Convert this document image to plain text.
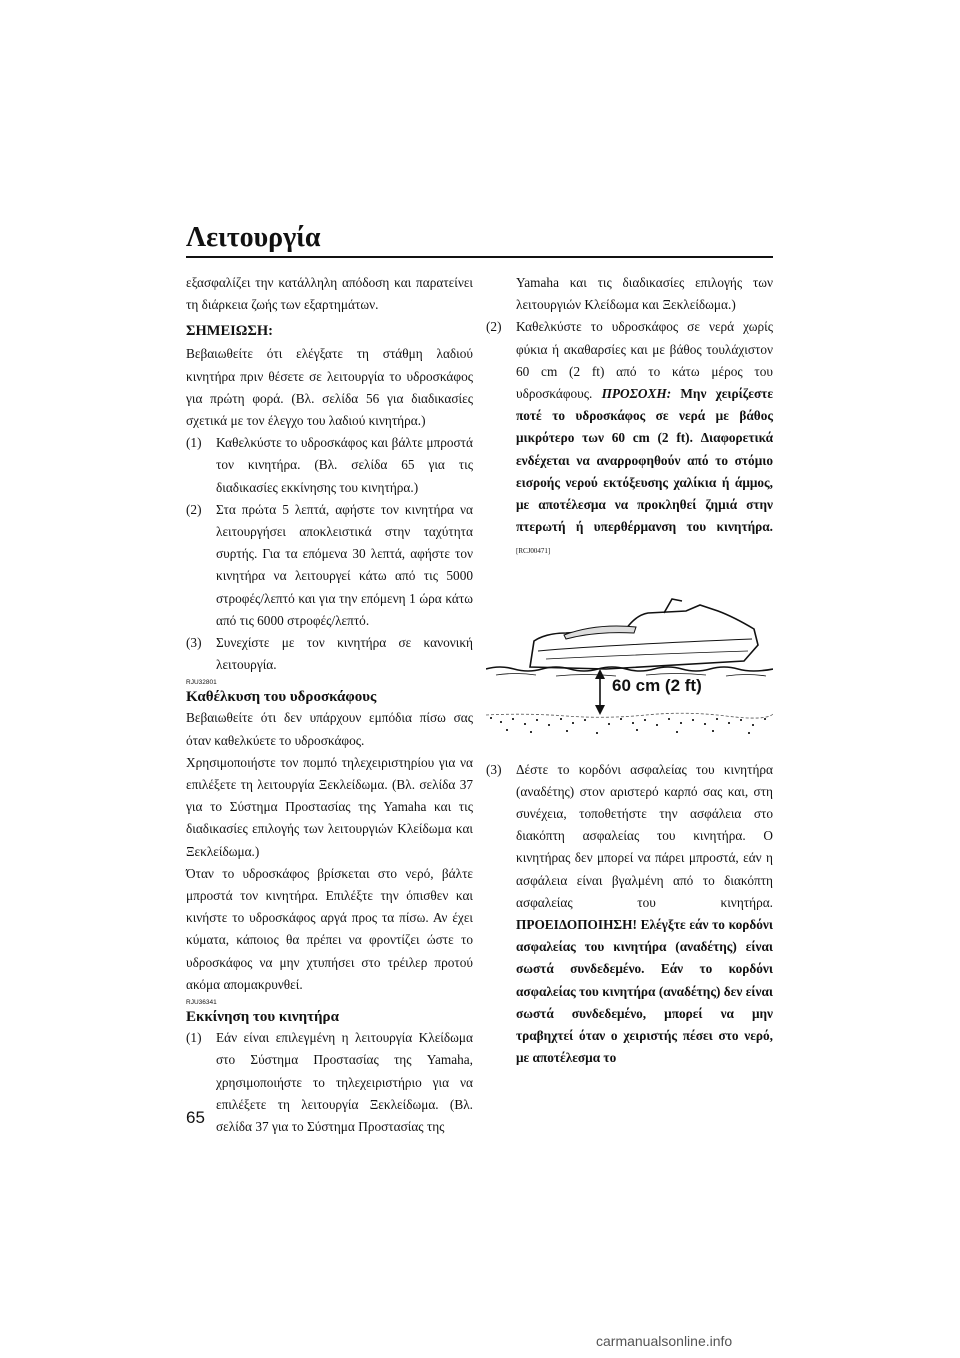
Λειτουργία

εξασφαλίζει την κατάλληλη απόδοση και παρατείνει τη διάρκεια ζωής των εξαρτημάτων.

ΣΗΜΕΙΩΣΗ:

Βεβαιωθείτε ότι ελέγξατε τη στάθμη λαδιού κινητήρα πριν θέσετε σε λειτουργία το υδροσκάφος για πρώτη φορά. (Βλ. σελίδα 56 για διαδικασίες σχετικά με τον έλεγχο του λαδιού κινητήρα.)

(1) Καθελκύστε το υδροσκάφος και βάλτε μπροστά τον κινητήρα. (Βλ. σελίδα 65 για τις διαδικασίες εκκίνησης του κινητήρα.)
(2) Στα πρώτα 5 λεπτά, αφήστε τον κινητήρα να λειτουργήσει αποκλειστικά στην ταχύτητα συρτής. Για τα επόμενα 30 λεπτά, αφήστε τον κινητήρα να λειτουργεί κάτω από τις 5000 στροφές/λεπτό και για την επόμενη 1 ώρα κάτω από τις 6000 στροφές/λεπτό.
(3) Συνεχίστε με τον κινητήρα σε κανονική λειτουργία.
RJU32801
Καθέλκυση του υδροσκάφους

Βεβαιωθείτε ότι δεν υπάρχουν εμπόδια πίσω σας όταν καθελκύετε το υδροσκάφος.

Χρησιμοποιήστε τον πομπό τηλεχειριστηρίου για να επιλέξετε τη λειτουργία Ξεκλείδωμα. (Βλ. σελίδα 37 για το Σύστημα Προστασίας της Yamaha και τις διαδικασίες επιλογής των λειτουργιών Κλείδωμα και Ξεκλείδωμα.)

Όταν το υδροσκάφος βρίσκεται στο νερό, βάλτε μπροστά τον κινητήρα. Επιλέξτε την όπισθεν και κινήστε το υδροσκάφος αργά προς τα πίσω. Αν έχει κύματα, κάποιος θα πρέπει να φροντίζει ώστε το υδροσκάφος να μην χτυπήσει στο τρέιλερ προτού ακόμα απομακρυνθεί.

RJU36341
Εκκίνηση του κινητήρα
(1) Εάν είναι επιλεγμένη η λειτουργία Κλείδωμα στο Σύστημα Προστασίας της Yamaha, χρησιμοποιήστε το τηλεχειριστήριο για να επιλέξετε τη λειτουργία Ξεκλείδωμα. (Βλ. σελίδα 37 για το Σύστημα Προστασίας της

Yamaha και τις διαδικασίες επιλογής των λειτουργιών Κλείδωμα και Ξεκλείδωμα.)

(2) Καθελκύστε το υδροσκάφος σε νερά χωρίς φύκια ή ακαθαρσίες και με βάθος τουλάχιστον 60 cm (2 ft) από το κάτω μέρος του υδροσκάφους. ΠΡΟΣΟΧΗ: Μην χειρίζεστε ποτέ το υδροσκάφος σε νερά με βάθος μικρότερο των 60 cm (2 ft). Διαφορετικά ενδέχεται να αναρροφηθούν από το στόμιο εισροής νερού εκτόξευσης χαλίκια ή άμμος, με αποτέλεσμα να προκληθεί ζημιά στην πτερωτή ή υπερθέρμανση του κινητήρα. [RCJ00471]
60 cm (2 ft)
(3) Δέστε το κορδόνι ασφαλείας του κινητήρα (αναδέτης) στον αριστερό καρπό σας και, στη συνέχεια, τοποθετήστε την ασφάλεια στο διακόπτη ασφαλείας του κινητήρα. Ο κινητήρας δεν μπορεί να πάρει μπροστά, εάν η ασφάλεια είναι βγαλμένη από το διακόπτη ασφαλείας του κινητήρα. ΠΡΟΕΙΔΟΠΟΙΗΣΗ! Ελέγξτε εάν το κορδόνι ασφαλείας του κινητήρα (αναδέτης) είναι σωστά συνδεδεμένο. Εάν το κορδόνι ασφαλείας του κινητήρα (αναδέτης) δεν είναι σωστά συνδεδεμένο, μπορεί να μην τραβηχτεί όταν ο χειριστής πέσει στο νερό, με αποτέλεσμα το
65
carmanualsonline.info
